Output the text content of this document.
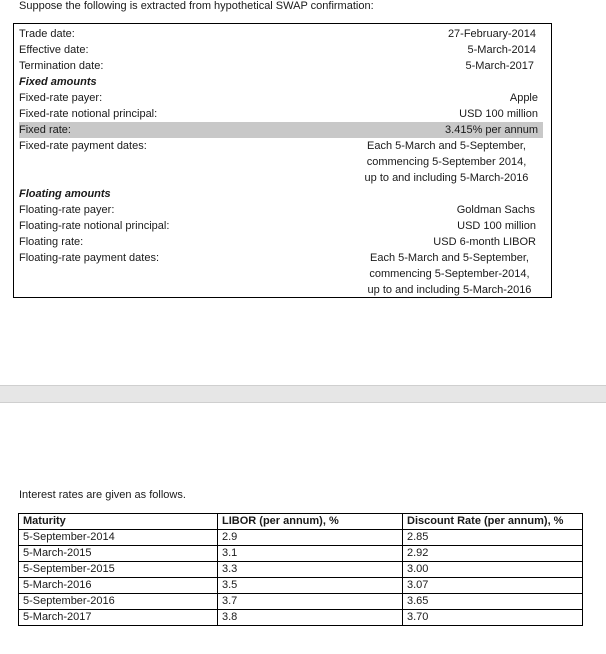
Suppose the following is extracted from hypothetical SWAP confirmation:
Trade date:	27-February-2014
Effective date:	5-March-2014
Termination date:	5-March-2017
Fixed amounts
Fixed-rate payer:	Apple
Fixed-rate notional principal:	USD 100 million
Fixed rate:	3.415% per annum
Fixed-rate payment dates:	Each 5-March and 5-September,
commencing 5-September 2014,
up to and including 5-March-2016
Floating amounts
Floating-rate payer:	Goldman Sachs
Floating-rate notional principal:	USD 100 million
Floating rate:	USD 6-month LIBOR
Floating-rate payment dates:	Each 5-March and 5-September,
commencing 5-September-2014,
up to and including 5-March-2016
Interest rates are given as follows.
Maturity	LIBOR (per annum), %	Discount Rate (per annum), %
5-September-2014	2.9	2.85
5-March-2015	3.1	2.92
5-September-2015	3.3	3.00
5-March-2016	3.5	3.07
5-September-2016	3.7	3.65
5-March-2017	3.8	3.70
